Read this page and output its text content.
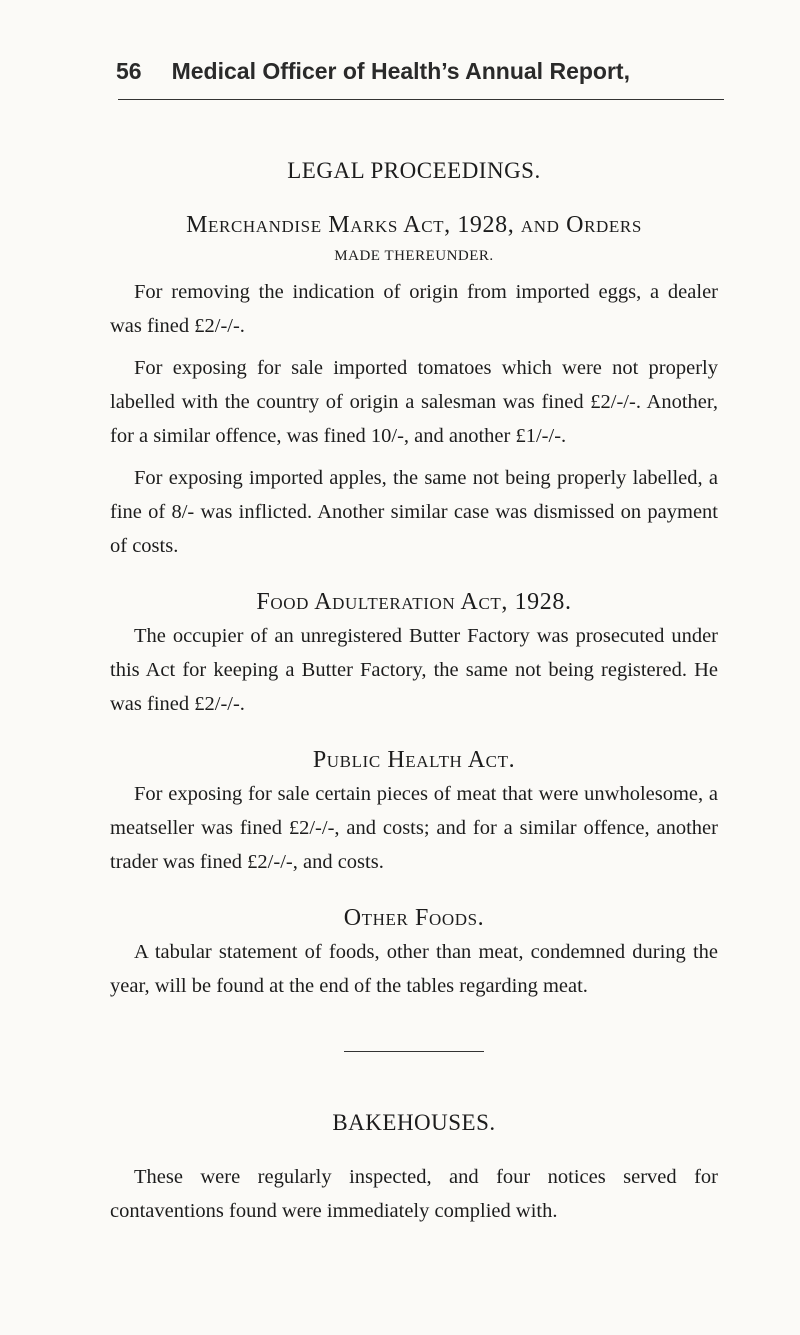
56 Medical Officer of Health’s Annual Report,
LEGAL PROCEEDINGS.
Merchandise Marks Act, 1928, and Orders
MADE THEREUNDER.

For removing the indication of origin from imported eggs, a dealer was fined £2/-/-.

For exposing for sale imported tomatoes which were not properly labelled with the country of origin a salesman was fined £2/-/-. Another, for a similar offence, was fined 10/-, and another £1/-/-.

For exposing imported apples, the same not being properly labelled, a fine of 8/- was inflicted. Another similar case was dismissed on payment of costs.

Food Adulteration Act, 1928.

The occupier of an unregistered Butter Factory was prosecuted under this Act for keeping a Butter Factory, the same not being registered. He was fined £2/-/-.

Public Health Act.

For exposing for sale certain pieces of meat that were unwholesome, a meatseller was fined £2/-/-, and costs; and for a similar offence, another trader was fined £2/-/-, and costs.

Other Foods.

A tabular statement of foods, other than meat, condemned during the year, will be found at the end of the tables regarding meat.

BAKEHOUSES.

These were regularly inspected, and four notices served for contaventions found were immediately complied with.
